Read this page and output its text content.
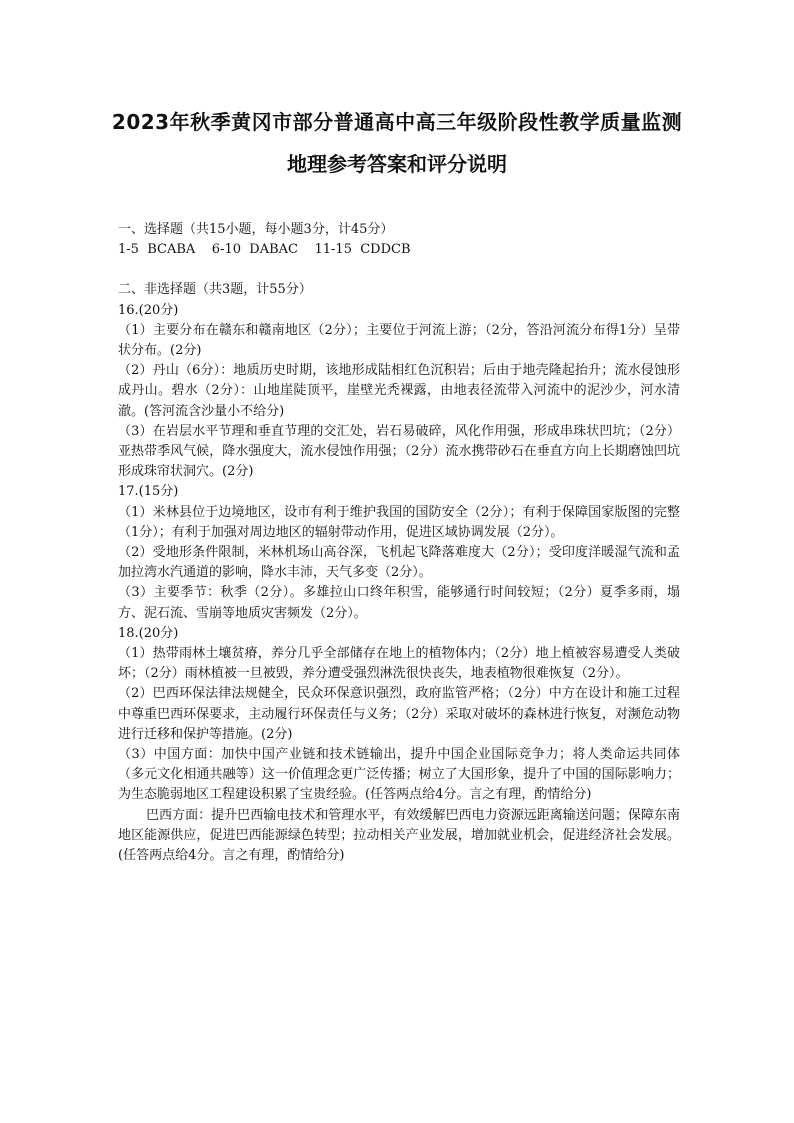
2023年秋季黄冈市部分普通高中高三年级阶段性教学质量监测
地理参考答案和评分说明

一、选择题（共15小题，每小题3分，计45分）

1-5  BCABA    6-10  DABAC    11-15  CDDCB

二、非选择题（共3题，计55分）

16.(20分)

（1）主要分布在赣东和赣南地区（2分）；主要位于河流上游；（2分，答沿河流分布得1分）呈带状分布。(2分)

（2）丹山（6分）：地质历史时期，该地形成陆相红色沉积岩；后由于地壳隆起抬升；流水侵蚀形成丹山。碧水（2分）：山地崖陡顶平，崖壁光秃裸露，由地表径流带入河流中的泥沙少，河水清澈。(答河流含沙量小不给分)

（3）在岩层水平节理和垂直节理的交汇处，岩石易破碎，风化作用强，形成串珠状凹坑；（2分）亚热带季风气候，降水强度大，流水侵蚀作用强；（2分）流水携带砂石在垂直方向上长期磨蚀凹坑形成珠帘状洞穴。(2分)

17.(15分)

（1）米林县位于边境地区，设市有利于维护我国的国防安全（2分）；有利于保障国家版图的完整（1分）；有利于加强对周边地区的辐射带动作用，促进区域协调发展（2分）。

（2）受地形条件限制，米林机场山高谷深，飞机起飞降落难度大（2分）；受印度洋暖湿气流和孟加拉湾水汽通道的影响，降水丰沛，天气多变（2分）。

（3）主要季节：秋季（2分）。多雄拉山口终年积雪，能够通行时间较短；（2分）夏季多雨，塌方、泥石流、雪崩等地质灾害频发（2分）。

18.(20分)

（1）热带雨林土壤贫瘠，养分几乎全部储存在地上的植物体内；（2分）地上植被容易遭受人类破坏；（2分）雨林植被一旦被毁，养分遭受强烈淋洗很快丧失，地表植物很难恢复（2分）。

（2）巴西环保法律法规健全，民众环保意识强烈，政府监管严格；（2分）中方在设计和施工过程中尊重巴西环保要求，主动履行环保责任与义务；（2分）采取对破坏的森林进行恢复，对濒危动物进行迁移和保护等措施。(2分)

（3）中国方面：加快中国产业链和技术链输出，提升中国企业国际竞争力；将人类命运共同体（多元文化相通共融等）这一价值理念更广泛传播；树立了大国形象，提升了中国的国际影响力；为生态脆弱地区工程建设积累了宝贵经验。(任答两点给4分。言之有理，酌情给分)

巴西方面：提升巴西输电技术和管理水平，有效缓解巴西电力资源远距离输送问题；保障东南地区能源供应，促进巴西能源绿色转型；拉动相关产业发展，增加就业机会，促进经济社会发展。(任答两点给4分。言之有理，酌情给分)
